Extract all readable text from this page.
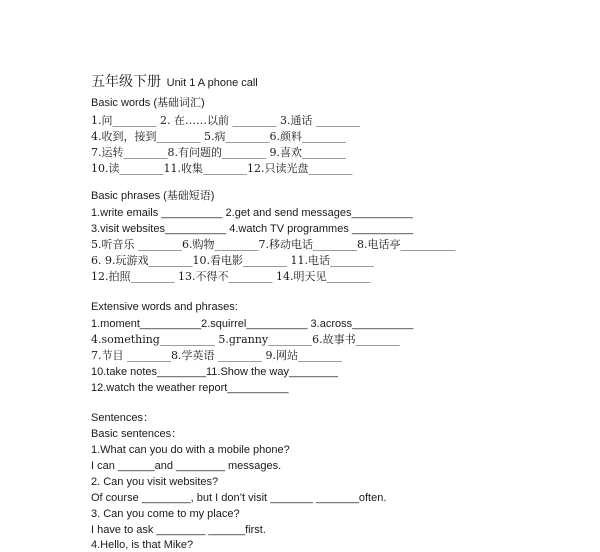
五年级下册 Unit 1 A phone call
Basic words (基础词汇)
1.问________ 2. 在……以前 ________ 3.通话 ________
4.收到，接到________ 5.病________6.颜料________
7.运转________8.有问题的________ 9.喜欢________
10.读________11.收集________12.只读光盘________
Basic phrases (基础短语)
1.write emails __________ 2.get and send messages__________
3.visit websites__________ 4.watch TV programmes __________
5.听音乐 ________6.购物________7.移动电话________8.电话亭__________
6. 9.玩游戏________10.看电影________ 11.电话________
12.拍照________ 13.不得不________ 14.明天见________
Extensive words and phrases:
1.moment__________2.squirrel__________ 3.across__________
4.something__________ 5.granny________6.故事书________
7.节目 ________8.学英语 ________ 9.网站________
10.take notes________11.Show the way________
12.watch the weather report__________
Sentences：
Basic sentences：
1.What can you do with a mobile phone?
I can ______and ________ messages.
2. Can you visit websites?
Of course ________, but I don’t visit _______ _______often.
3. Can you come to my place?
I have to ask ________ ______first.
4.Hello, is that Mike?
